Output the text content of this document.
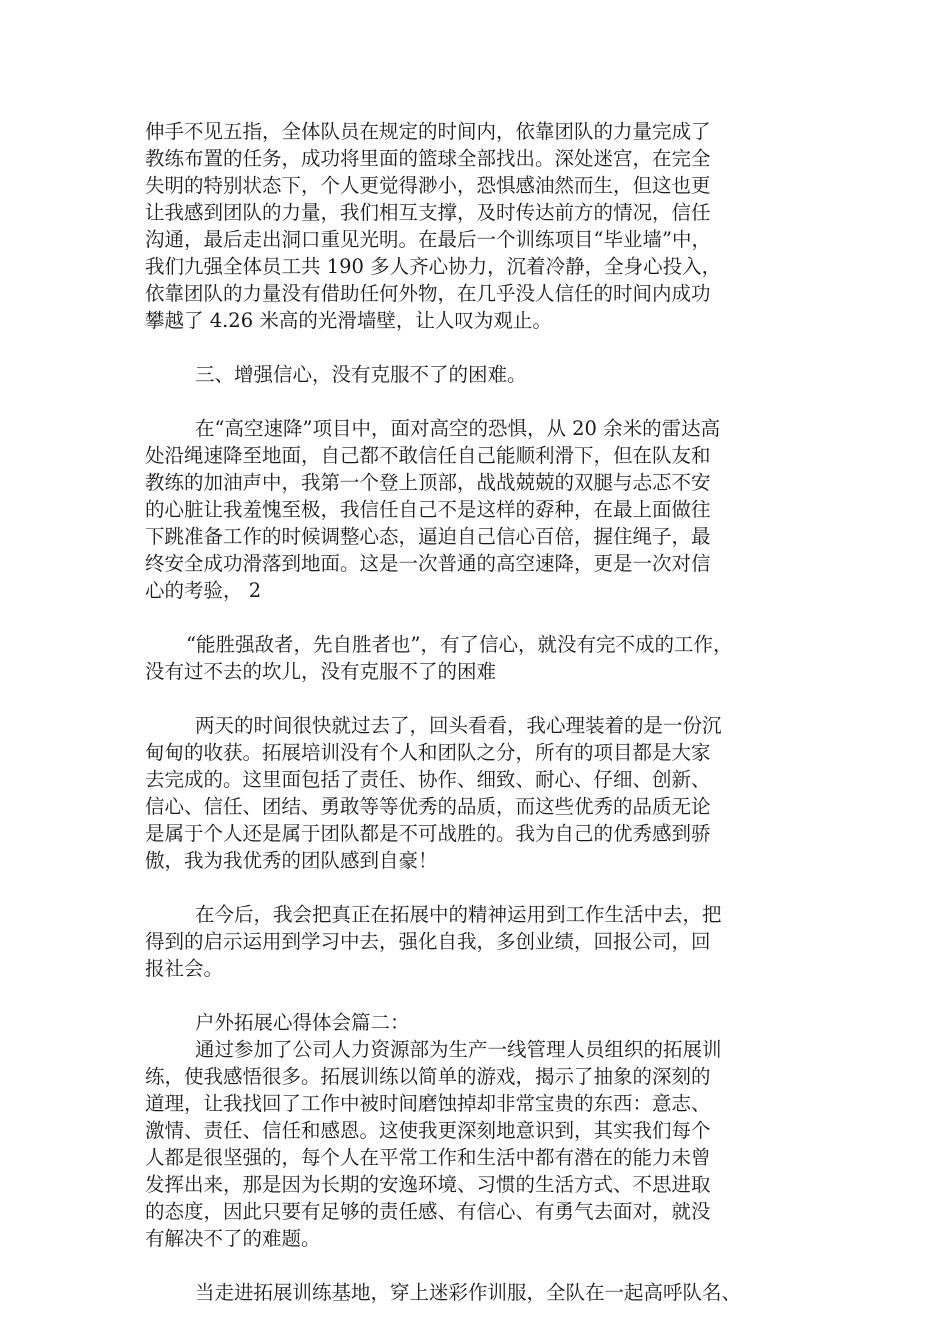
伸手不见五指，全体队员在规定的时间内，依靠团队的力量完成了
教练布置的任务，成功将里面的篮球全部找出。深处迷宫，在完全
失明的特别状态下，个人更觉得渺小，恐惧感油然而生，但这也更
让我感到团队的力量，我们相互支撑，及时传达前方的情况，信任
沟通，最后走出洞口重见光明。在最后一个训练项目“毕业墙”中，
我们九强全体员工共 190 多人齐心协力，沉着冷静，全身心投入，
依靠团队的力量没有借助任何外物，在几乎没人信任的时间内成功
攀越了 4.26 米高的光滑墙壁，让人叹为观止。
三、增强信心，没有克服不了的困难。
在“高空速降”项目中，面对高空的恐惧，从 20 余米的雷达高
处沿绳速降至地面，自己都不敢信任自己能顺利滑下，但在队友和
教练的加油声中，我第一个登上顶部，战战兢兢的双腿与忐忑不安
的心脏让我羞愧至极，我信任自己不是这样的孬种，在最上面做往
下跳准备工作的时候调整心态，逼迫自己信心百倍，握住绳子，最
终安全成功滑落到地面。这是一次普通的高空速降，更是一次对信
心的考验， 2
“能胜强敌者，先自胜者也”，有了信心，就没有完不成的工作，
没有过不去的坎儿，没有克服不了的困难
两天的时间很快就过去了，回头看看，我心理装着的是一份沉
甸甸的收获。拓展培训没有个人和团队之分，所有的项目都是大家
去完成的。这里面包括了责任、协作、细致、耐心、仔细、创新、
信心、信任、团结、勇敢等等优秀的品质，而这些优秀的品质无论
是属于个人还是属于团队都是不可战胜的。我为自己的优秀感到骄
傲，我为我优秀的团队感到自豪！
在今后，我会把真正在拓展中的精神运用到工作生活中去，把
得到的启示运用到学习中去，强化自我，多创业绩，回报公司，回
报社会。
户外拓展心得体会篇二：
通过参加了公司人力资源部为生产一线管理人员组织的拓展训
练，使我感悟很多。拓展训练以简单的游戏，揭示了抽象的深刻的
道理，让我找回了工作中被时间磨蚀掉却非常宝贵的东西：意志、
激情、责任、信任和感恩。这使我更深刻地意识到，其实我们每个
人都是很坚强的，每个人在平常工作和生活中都有潜在的能力未曾
发挥出来，那是因为长期的安逸环境、习惯的生活方式、不思进取
的态度，因此只要有足够的责任感、有信心、有勇气去面对，就没
有解决不了的难题。
当走进拓展训练基地，穿上迷彩作训服，全队在一起高呼队名、
